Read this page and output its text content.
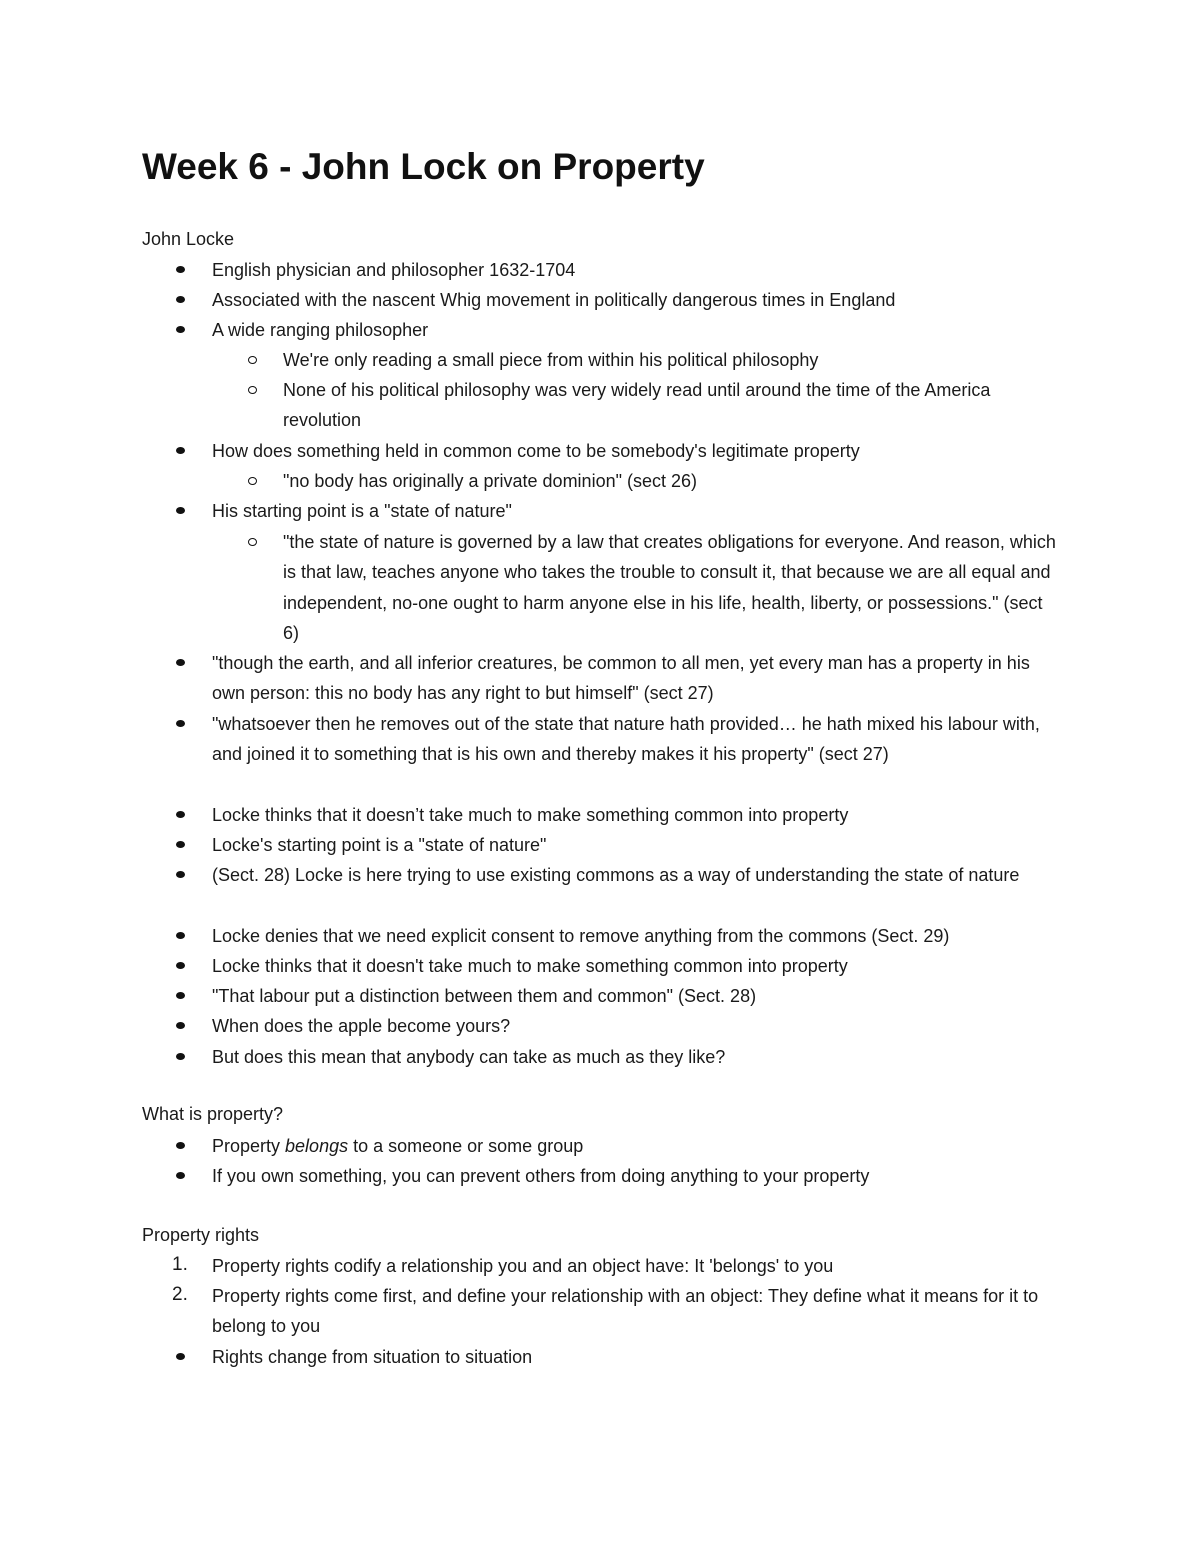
Week 6 - John Lock on Property
John Locke
English physician and philosopher 1632-1704
Associated with the nascent Whig movement in politically dangerous times in England
A wide ranging philosopher
We're only reading a small piece from within his political philosophy
None of his political philosophy was very widely read until around the time of the America revolution
How does something held in common come to be somebody's legitimate property
"no body has originally a private dominion" (sect 26)
His starting point is a "state of nature"
"the state of nature is governed by a law that creates obligations for everyone. And reason, which is that law, teaches anyone who takes the trouble to consult it, that because we are all equal and independent, no-one ought to harm anyone else in his life, health, liberty, or possessions." (sect 6)
"though the earth, and all inferior creatures, be common to all men, yet every man has a property in his own person: this no body has any right to but himself" (sect 27)
"whatsoever then he removes out of the state that nature hath provided… he hath mixed his labour with, and joined it to something that is his own and thereby makes it his property" (sect 27)
Locke thinks that it doesn’t take much to make something common into property
Locke's starting point is a "state of nature"
(Sect. 28) Locke is here trying to use existing commons as a way of understanding the state of nature
Locke denies that we need explicit consent to remove anything from the commons (Sect. 29)
Locke thinks that it doesn't take much to make something common into property
"That labour put a distinction between them and common" (Sect. 28)
When does the apple become yours?
But does this mean that anybody can take as much as they like?
What is property?
Property belongs to a someone or some group
If you own something, you can prevent others from doing anything to your property
Property rights
1. Property rights codify a relationship you and an object have: It 'belongs' to you
2. Property rights come first, and define your relationship with an object: They define what it means for it to belong to you
Rights change from situation to situation
